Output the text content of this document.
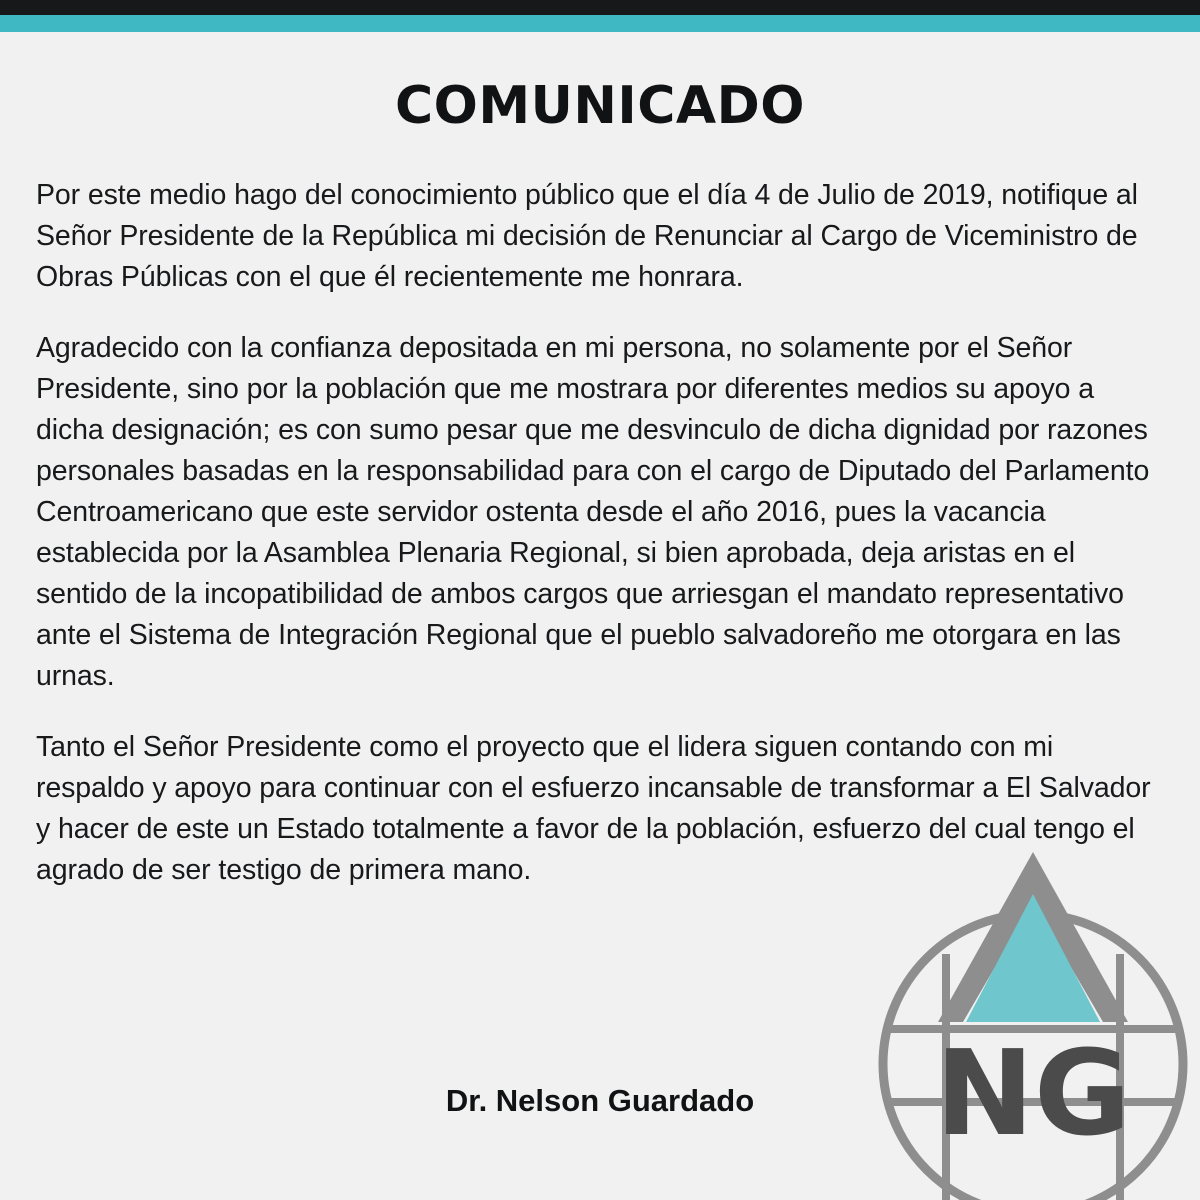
COMUNICADO

Por este medio hago del conocimiento público que el día 4 de Julio de 2019, notifique al Señor Presidente de la República mi decisión de Renunciar al Cargo de Viceministro de Obras Públicas con el que él recientemente me honrara.

Agradecido con la confianza depositada en mi persona, no solamente por el Señor Presidente, sino por la población que me mostrara por diferentes medios su apoyo a dicha designación; es con sumo pesar que me desvinculo de dicha dignidad por razones personales basadas en la responsabilidad para con el cargo de Diputado del Parlamento Centroamericano que este servidor ostenta desde el año 2016, pues la vacancia establecida por la Asamblea Plenaria Regional, si bien aprobada, deja aristas en el sentido de la incopatibilidad de ambos cargos que arriesgan el mandato representativo ante el Sistema de Integración Regional que el pueblo salvadoreño me otorgara en las urnas.

Tanto el Señor Presidente como el proyecto que el lidera siguen contando con mi respaldo y apoyo para continuar con el esfuerzo incansable de transformar a El Salvador y hacer de este un Estado totalmente a favor de la población, esfuerzo del cual tengo el agrado de ser testigo de primera mano.

Dr. Nelson Guardado	NG
